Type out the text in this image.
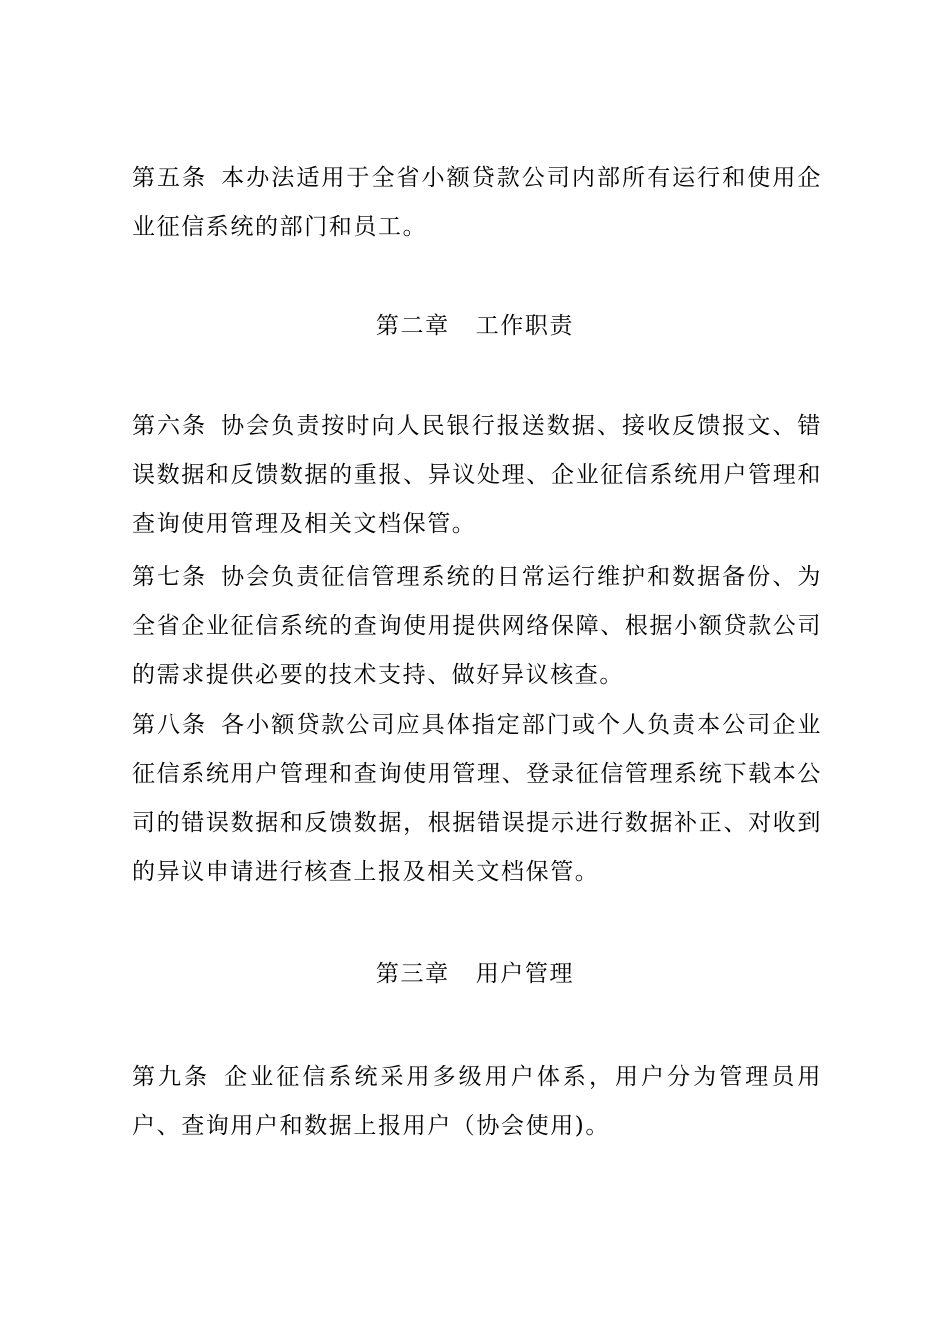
第五条 本办法适用于全省小额贷款公司内部所有运行和使用企业征信系统的部门和员工。

第二章 工作职责

第六条 协会负责按时向人民银行报送数据、接收反馈报文、错误数据和反馈数据的重报、异议处理、企业征信系统用户管理和查询使用管理及相关文档保管。

第七条 协会负责征信管理系统的日常运行维护和数据备份、为全省企业征信系统的查询使用提供网络保障、根据小额贷款公司的需求提供必要的技术支持、做好异议核查。

第八条 各小额贷款公司应具体指定部门或个人负责本公司企业征信系统用户管理和查询使用管理、登录征信管理系统下载本公司的错误数据和反馈数据，根据错误提示进行数据补正、对收到的异议申请进行核查上报及相关文档保管。

第三章 用户管理

第九条 企业征信系统采用多级用户体系，用户分为管理员用户、查询用户和数据上报用户（协会使用)。
